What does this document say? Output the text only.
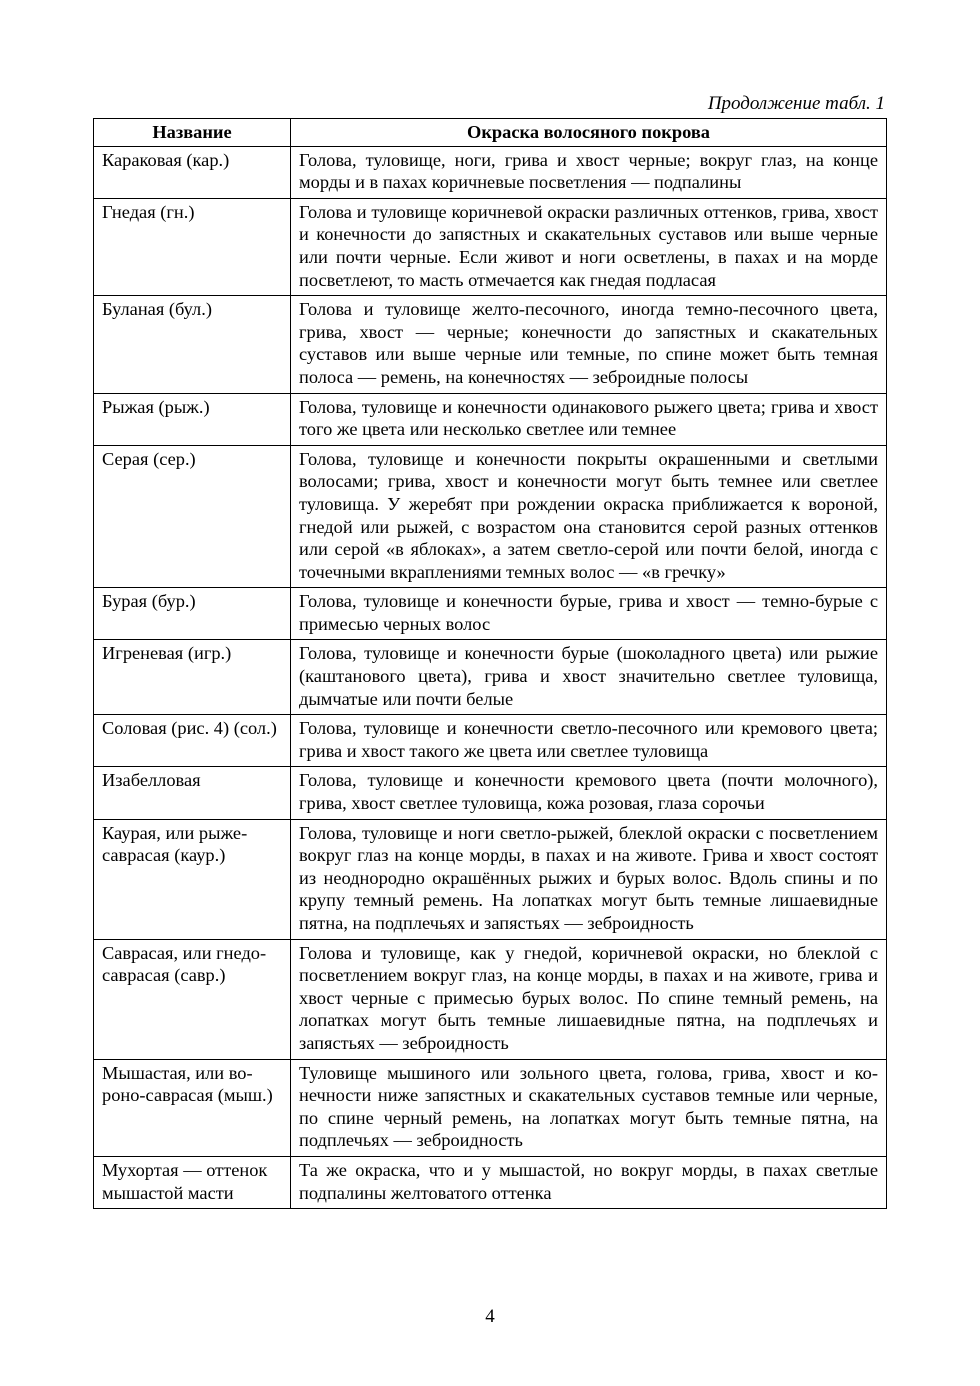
Продолжение табл. 1
Название	Окраска волосяного покрова
Караковая (кар.)	Голова, туловище, ноги, грива и хвост черные; вокруг глаз, на конце морды и в пахах коричневые посветления — подпалины
Гнедая (гн.)	Голова и туловище коричневой окраски различных оттенков, грива, хвост и конечности до запястных и скакательных суставов или выше черные или почти черные. Если живот и ноги осветлены, в пахах и на морде посветлеют, то масть отмечается как гнедая подласая
Буланая (бул.)	Голова и туловище желто-песочного, иногда темно-песочного цвета, грива, хвост — черные; конечности до запястных и скакательных суставов или выше черные или темные, по спине может быть темная полоса — ремень, на конечностях — зеброидные полосы
Рыжая (рыж.)	Голова, туловище и конечности одинакового рыжего цвета; грива и хвост того же цвета или несколько светлее или темнее
Серая (сер.)	Голова, туловище и конечности покрыты окрашенными и светлыми волосами; грива, хвост и конечности могут быть темнее или светлее туловища. У жеребят при рождении окраска приближается к вороной, гнедой или рыжей, с возрастом она становится серой разных оттенков или серой «в яблоках», а затем светло-серой или почти белой, иногда с точечными вкраплениями темных волос — «в гречку»
Бурая (бур.)	Голова, туловище и конечности бурые, грива и хвост — темно-бурые с примесью черных волос
Игреневая (игр.)	Голова, туловище и конечности бурые (шоколадного цвета) или рыжие (каштанового цвета), грива и хвост значительно светлее туловища, дымчатые или почти белые
Соловая (рис. 4) (сол.)	Голова, туловище и конечности светло-песочного или кремового цвета; грива и хвост такого же цвета или светлее туловища
Изабелловая	Голова, туловище и конечности кремового цвета (почти молочного), грива, хвост светлее туловища, кожа розовая, глаза сорочьи
Каурая, или рыже-саврасая (каур.)	Голова, туловище и ноги светло-рыжей, блеклой окраски с посветлением вокруг глаз на конце морды, в пахах и на животе. Грива и хвост состоят из неоднородно окрашённых рыжих и бурых волос. Вдоль спины и по крупу темный ремень. На лопатках могут быть темные лишаевидные пятна, на подплечьях и запястьях — зеброидность
Саврасая, или гнедо-саврасая (савр.)	Голова и туловище, как у гнедой, коричневой окраски, но блеклой с посветлением вокруг глаз, на конце морды, в пахах и на животе, грива и хвост черные с примесью бурых волос. По спине темный ремень, на лопатках могут быть темные лишаевидные пятна, на подплечьях и запястьях — зеброидность
Мышастая, или вороно-саврасая (мыш.)	Туловище мышиного или зольного цвета, голова, грива, хвост и конечности ниже запястных и скакательных суставов темные или черные, по спине черный ремень, на лопатках могут быть темные пятна, на подплечьях — зеброидность
Мухортая — оттенок мышастой масти	Та же окраска, что и у мышастой, но вокруг морды, в пахах светлые подпалины желтоватого оттенка
4
